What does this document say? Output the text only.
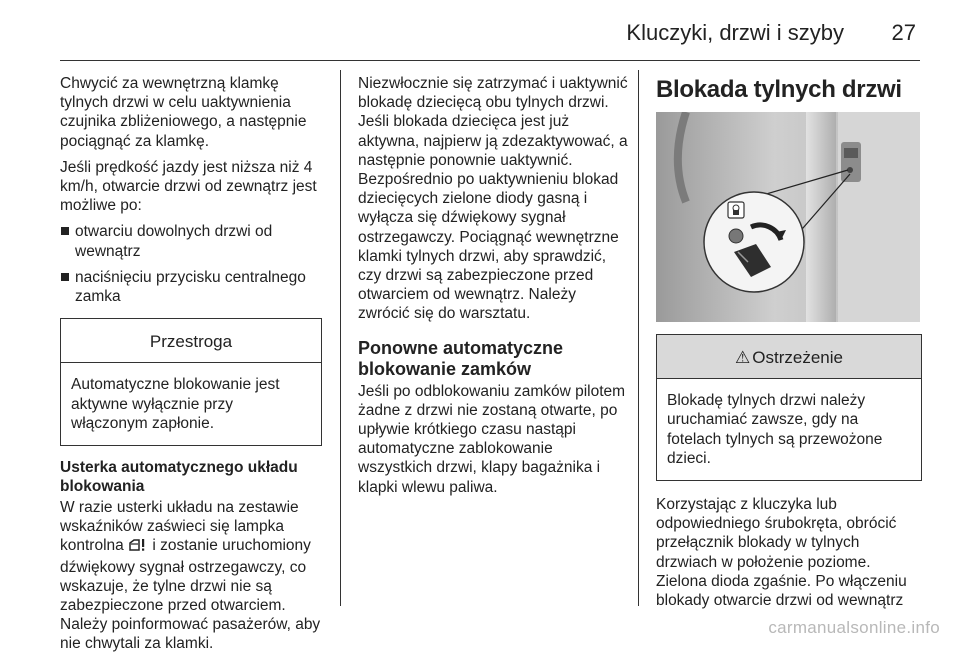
Kluczyki, drzwi i szyby 27

Chwycić za wewnętrzną klamkę tylnych drzwi w celu uaktywnienia czujnika zbliżeniowego, a następnie pociągnąć za klamkę.

Jeśli prędkość jazdy jest niższa niż 4 km/h, otwarcie drzwi od zewnątrz jest możliwe po:

otwarciu dowolnych drzwi od wewnątrz
naciśnięciu przycisku centralnego zamka
Przestroga
Automatyczne blokowanie jest aktywne wyłącznie przy włączonym zapłonie.
Usterka automatycznego układu blokowania

W razie usterki układu na zestawie wskaźników zaświeci się lampka kontrolna i zostanie uruchomiony dźwiękowy sygnał ostrzegawczy, co wskazuje, że tylne drzwi nie są zabezpieczone przed otwarciem. Należy poinformować pasażerów, aby nie chwytali za klamki.

Niezwłocznie się zatrzymać i uaktywnić blokadę dziecięcą obu tylnych drzwi. Jeśli blokada dziecięca jest już aktywna, najpierw ją zdezaktywować, a następnie ponownie uaktywnić. Bezpośrednio po uaktywnieniu blokad dziecięcych zielone diody gasną i wyłącza się dźwiękowy sygnał ostrzegawczy. Pociągnąć wewnętrzne klamki tylnych drzwi, aby sprawdzić, czy drzwi są zabezpieczone przed otwarciem od wewnątrz. Należy zwrócić się do warsztatu.

Ponowne automatyczne blokowanie zamków

Jeśli po odblokowaniu zamków pilotem żadne z drzwi nie zostaną otwarte, po upływie krótkiego czasu nastąpi automatyczne zablokowanie wszystkich drzwi, klapy bagażnika i klapki wlewu paliwa.

Blokada tylnych drzwi
⚠ Ostrzeżenie
Blokadę tylnych drzwi należy uruchamiać zawsze, gdy na fotelach tylnych są przewożone dzieci.

Korzystając z kluczyka lub odpowiedniego śrubokręta, obrócić przełącznik blokady w tylnych drzwiach w położenie poziome. Zielona dioda zgaśnie. Po włączeniu blokady otwarcie drzwi od wewnątrz

carmanualsonline.info
